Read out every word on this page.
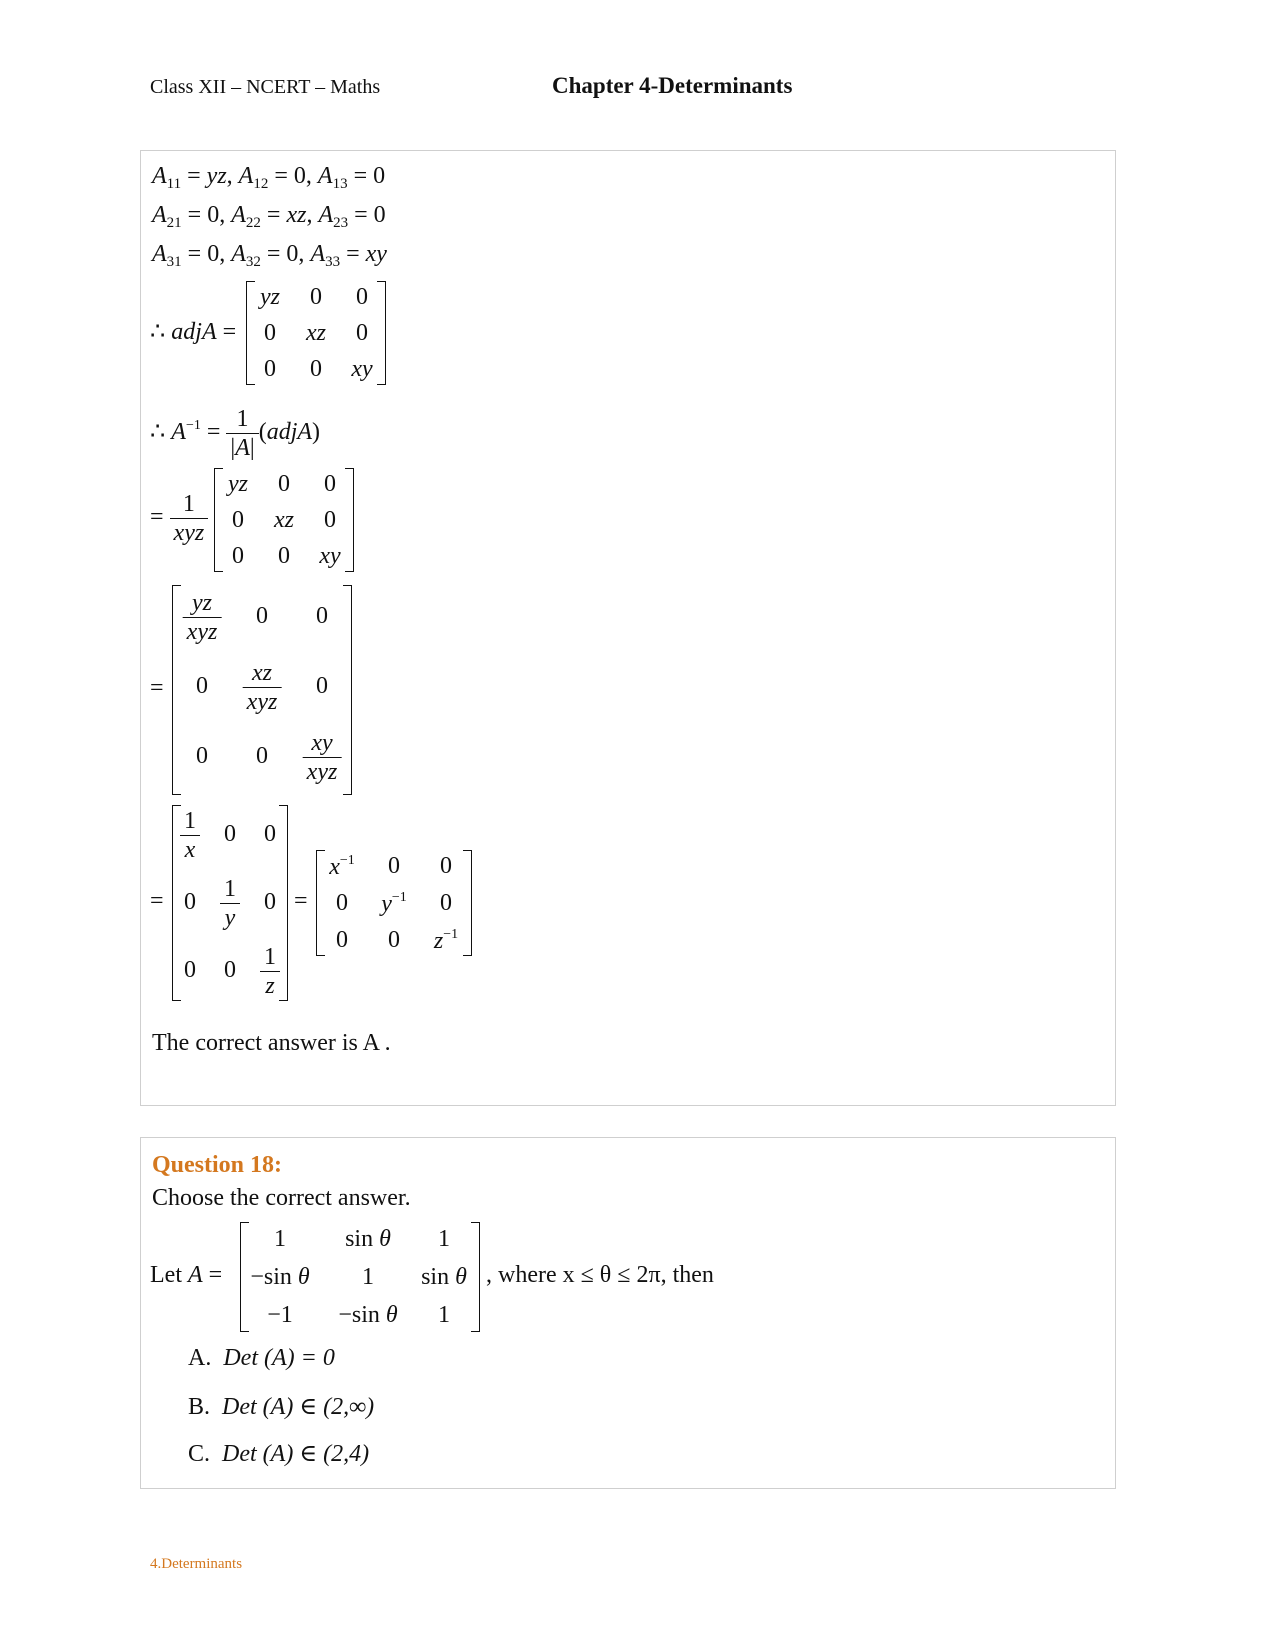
Class XII – NCERT – Maths	Chapter 4-Determinants
$A_{11}$ = yz, $A_{12} = 0$, $A_{13} = 0$
$A_{21} = 0$, $A_{22}$ = xz, $A_{23} = 0$
$A_{31} = 0$, $A_{32} = 0$, $A_{33}$ = xy
∴ adjA =
yz 0 0
0 xz 0
0 0 xy
∴ $A^{-1} = \frac{1}{|A|}$ (adjA)
= $\frac{1}{\text{xyz}}$
yz 0 0
0 xz 0
0 0 xy
=
$\frac{yz}{\text{xyz}} 0$ 0
$0 \frac{xz}{\text{xyz}} 0$
0 $0 \frac{xy}{\text{xyz}}$
=
$\frac{1}{x} 0$ 0
$0 \frac{1}{y} 0$
0 $0 \frac{1}{z}$
=
$x^{-1}$ 0 0
0 $y^{-1}$ 0
0 0 $z^{-1}$
The correct answer is A .
Question 18:
Choose the correct answer.
Let A =
1 sin θ 1
−sin θ 1 sin θ
−1 −sin θ 1
, where x ≤ θ ≤ 2π, then
A. Det (A) = 0
B. Det (A) ∈ (2,∞)
C. Det (A) ∈ (2,4)
4.Determinants
